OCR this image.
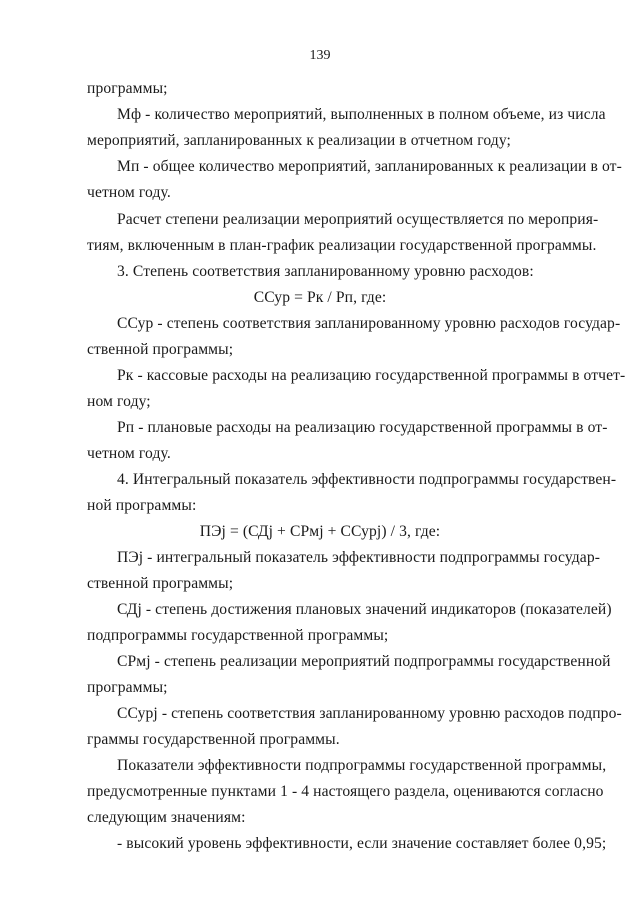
139
программы;
Мф - количество мероприятий, выполненных в полном объеме, из числа
мероприятий, запланированных к реализации в отчетном году;
Мп - общее количество мероприятий, запланированных к реализации в от-
четном году.
Расчет степени реализации мероприятий осуществляется по мероприя-
тиям, включенным в план-график реализации государственной программы.
3. Степень соответствия запланированному уровню расходов:
ССур = Рк / Рп, где:
ССур - степень соответствия запланированному уровню расходов государ-
ственной программы;
Рк - кассовые расходы на реализацию государственной программы в отчет-
ном году;
Рп - плановые расходы на реализацию государственной программы в от-
четном году.
4. Интегральный показатель эффективности подпрограммы государствен-
ной программы:
ПЭj = (СДj + СРмj + ССурj) / 3, где:
ПЭj - интегральный показатель эффективности подпрограммы государ-
ственной программы;
СДj - степень достижения плановых значений индикаторов (показателей)
подпрограммы государственной программы;
СРмj - степень реализации мероприятий подпрограммы государственной
программы;
ССурj - степень соответствия запланированному уровню расходов подпро-
граммы государственной программы.
Показатели эффективности подпрограммы государственной программы,
предусмотренные пунктами 1 - 4 настоящего раздела, оцениваются согласно
следующим значениям:
- высокий уровень эффективности, если значение составляет более 0,95;
